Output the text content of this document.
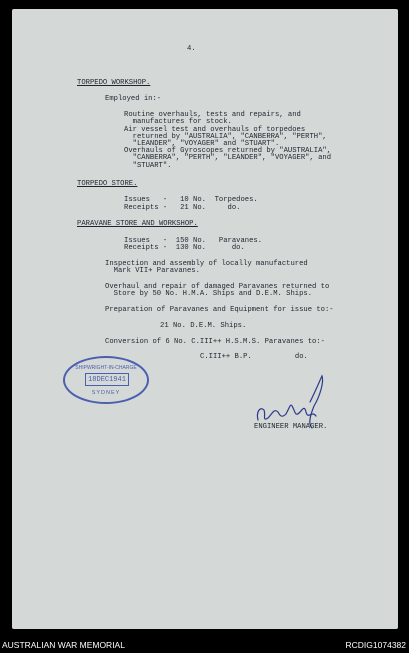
4.
TORPEDO WORKSHOP.
Employed in:-
Routine overhauls, tests and repairs, and
manufactures for stock.
Air vessel test and overhauls of torpedoes
returned by "AUSTRALIA", "CANBERRA", "PERTH",
"LEANDER", "VOYAGER" and "STUART".
Overhauls of Gyroscopes returned by "AUSTRALIA",
"CANBERRA", "PERTH", "LEANDER", "VOYAGER", and
"STUART".
TORPEDO STORE.
Issues   -   10 No.  Torpedoes.
Receipts -   21 No.     do.
PARAVANE STORE AND WORKSHOP.
Issues   -  150 No.   Paravanes.
Receipts -  130 No.      do.
Inspection and assembly of locally manufactured
Mark VII+ Paravanes.
Overhaul and repair of damaged Paravanes returned to
Store by 50 No. H.M.A. Ships and D.E.M. Ships.
Preparation of Paravanes and Equipment for issue to:-
21 No. D.E.M. Ships.
Conversion of 6 No. C.III++ H.S.M.S. Paravanes to:-
C.III++ B.P.          do.
SHIPWRIGHT-IN-CHARGE
18DEC1941
SYDNEY
ENGINEER MANAGER.
AUSTRALIAN WAR MEMORIAL	RCDIG1074382
